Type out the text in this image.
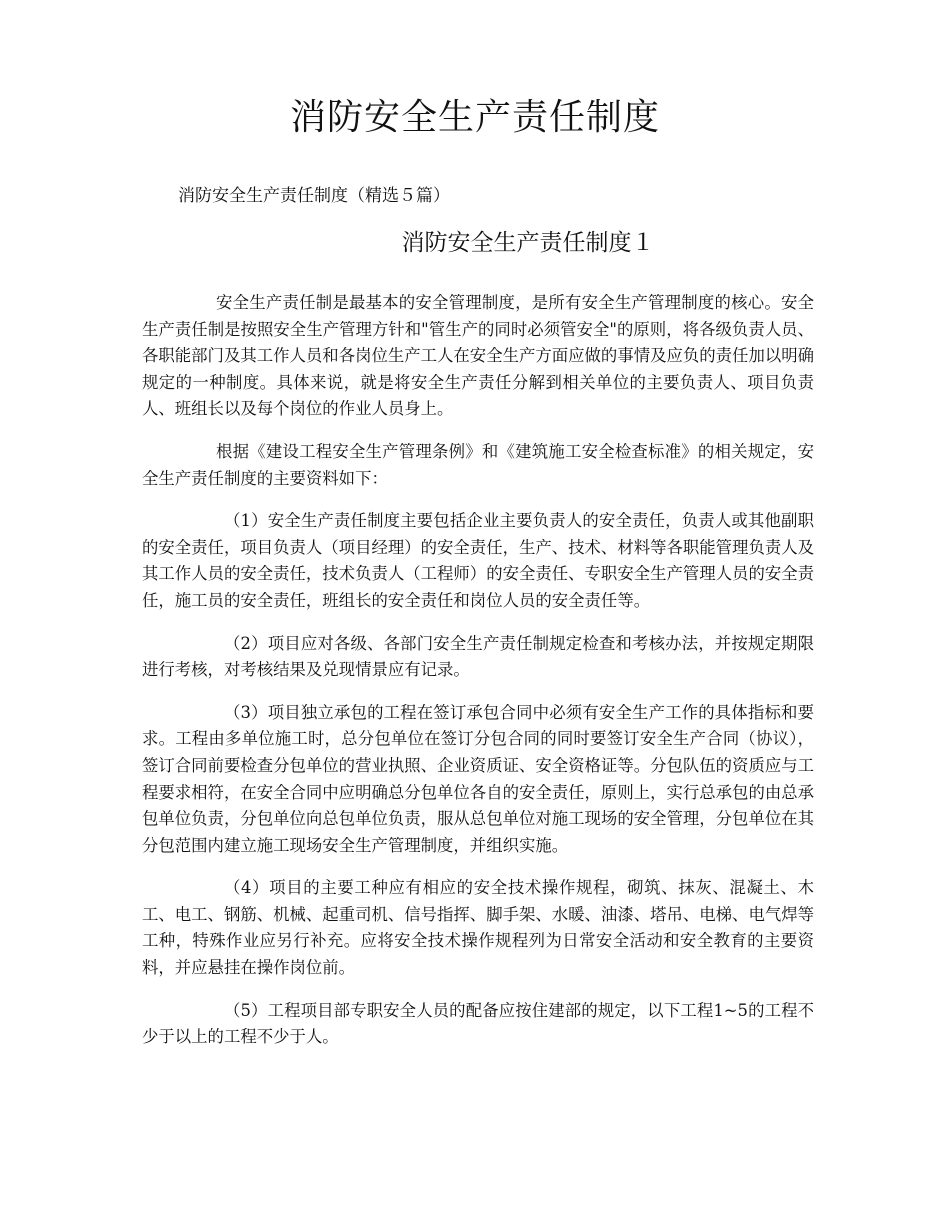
消防安全生产责任制度

消防安全生产责任制度（精选５篇）

消防安全生产责任制度１

安全生产责任制是最基本的安全管理制度，是所有安全生产管理制度的核心。安全生产责任制是按照安全生产管理方针和"管生产的同时必须管安全"的原则，将各级负责人员、各职能部门及其工作人员和各岗位生产工人在安全生产方面应做的事情及应负的责任加以明确规定的一种制度。具体来说，就是将安全生产责任分解到相关单位的主要负责人、项目负责人、班组长以及每个岗位的作业人员身上。

根据《建设工程安全生产管理条例》和《建筑施工安全检查标准》的相关规定，安全生产责任制度的主要资料如下：

（1）安全生产责任制度主要包括企业主要负责人的安全责任，负责人或其他副职的安全责任，项目负责人（项目经理）的安全责任，生产、技术、材料等各职能管理负责人及其工作人员的安全责任，技术负责人（工程师）的安全责任、专职安全生产管理人员的安全责任，施工员的安全责任，班组长的安全责任和岗位人员的安全责任等。

（2）项目应对各级、各部门安全生产责任制规定检查和考核办法，并按规定期限进行考核，对考核结果及兑现情景应有记录。

（3）项目独立承包的工程在签订承包合同中必须有安全生产工作的具体指标和要求。工程由多单位施工时，总分包单位在签订分包合同的同时要签订安全生产合同（协议），签订合同前要检查分包单位的营业执照、企业资质证、安全资格证等。分包队伍的资质应与工程要求相符，在安全合同中应明确总分包单位各自的安全责任，原则上，实行总承包的由总承包单位负责，分包单位向总包单位负责，服从总包单位对施工现场的安全管理，分包单位在其分包范围内建立施工现场安全生产管理制度，并组织实施。

（4）项目的主要工种应有相应的安全技术操作规程，砌筑、抹灰、混凝土、木工、电工、钢筋、机械、起重司机、信号指挥、脚手架、水暖、油漆、塔吊、电梯、电气焊等工种，特殊作业应另行补充。应将安全技术操作规程列为日常安全活动和安全教育的主要资料，并应悬挂在操作岗位前。

（5）工程项目部专职安全人员的配备应按住建部的规定，以下工程1~5的工程不少于以上的工程不少于人。
